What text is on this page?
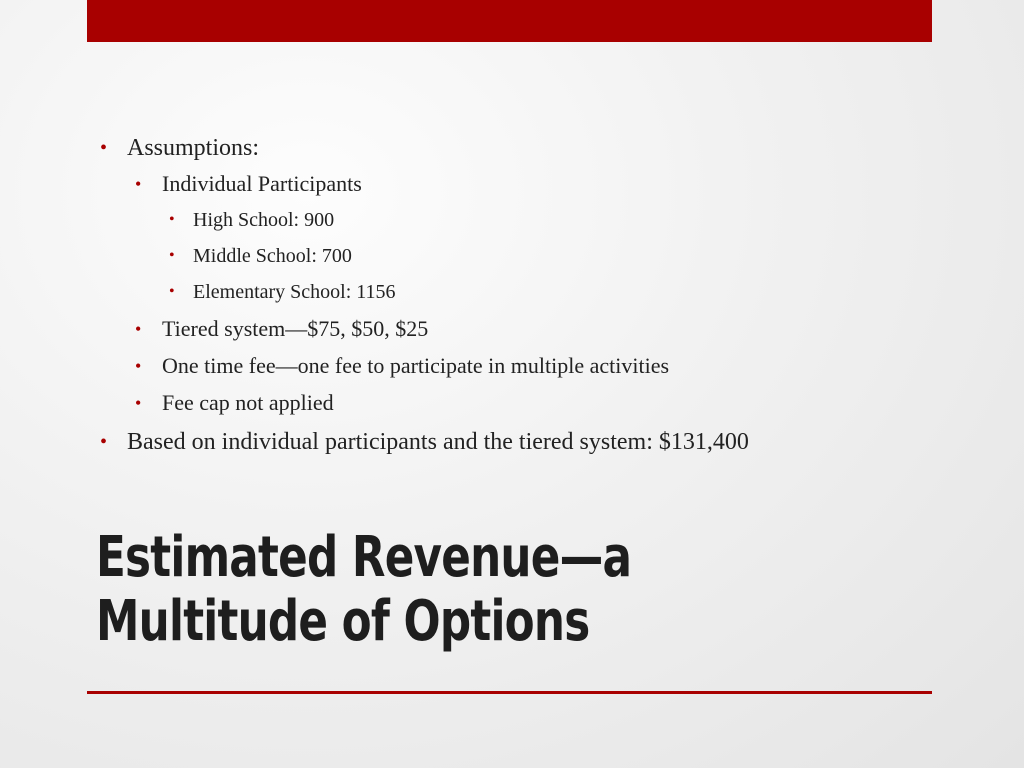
• Assumptions:
• Individual Participants
• High School: 900
• Middle School: 700
• Elementary School: 1156
• Tiered system—$75, $50, $25
• One time fee—one fee to participate in multiple activities
• Fee cap not applied
• Based on individual participants and the tiered system: $131,400
Estimated Revenue—a
Multitude of Options
